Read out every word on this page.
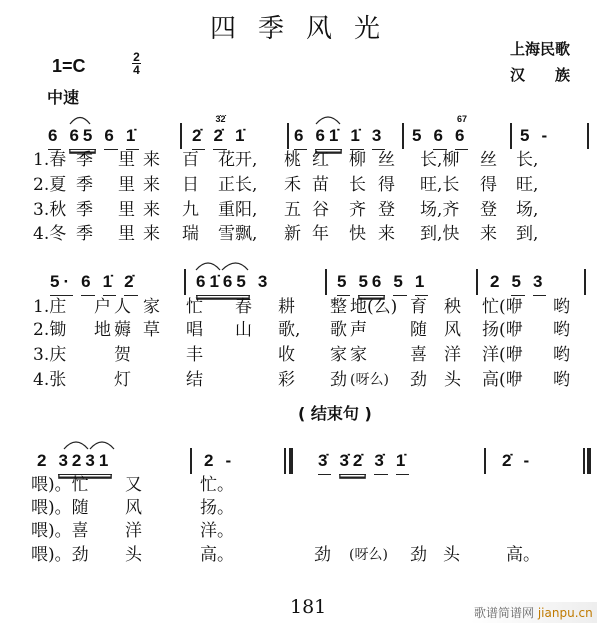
四季风光
上海民歌
汉　　族
1=C	2
4
中速
( 结束句 )
181	歌谱简谱网 jianpu.cn
6 65 6 1̇	2̇ 2̇
3̇2̇
1̇	6 61̇ 1̇ 3	5 6 6
67
5 -
1.春 季 里 来 百 花开, 桃 红 柳 丝 长,柳 丝 长,
2.夏 季 里 来 日 正长, 禾 苗 长 得 旺,长 得 旺,
3.秋 季 里 来 九 重阳, 五 谷 齐 登 场,齐 登 场,
4.冬 季 里 来 瑞 雪飘, 新 年 快 来 到,快 来 到,
5· 6 1̇ 2̇	61̇65 3	5 56 5 1	2 5 3
1.庄 户 人 家 忙 春 耕 整 地(么) 育 秧 忙(咿 哟
2.锄 地 薅 草 唱 山 歌, 歌 声	随 风 扬(咿 哟
3.庆	贺	丰	收 家 家	喜 洋 洋(咿 哟
4.张	灯	结	彩 劲 (呀么) 劲 头 高(咿 哟
2 3231	2 -	3̇ 3̇2̇ 3̇ 1̇	2̇ -
喂)。忙 又	忙。
喂)。随 风	扬。
喂)。喜 洋	洋。
喂)。劲 头	高。	劲 (呀么) 劲 头	高。
